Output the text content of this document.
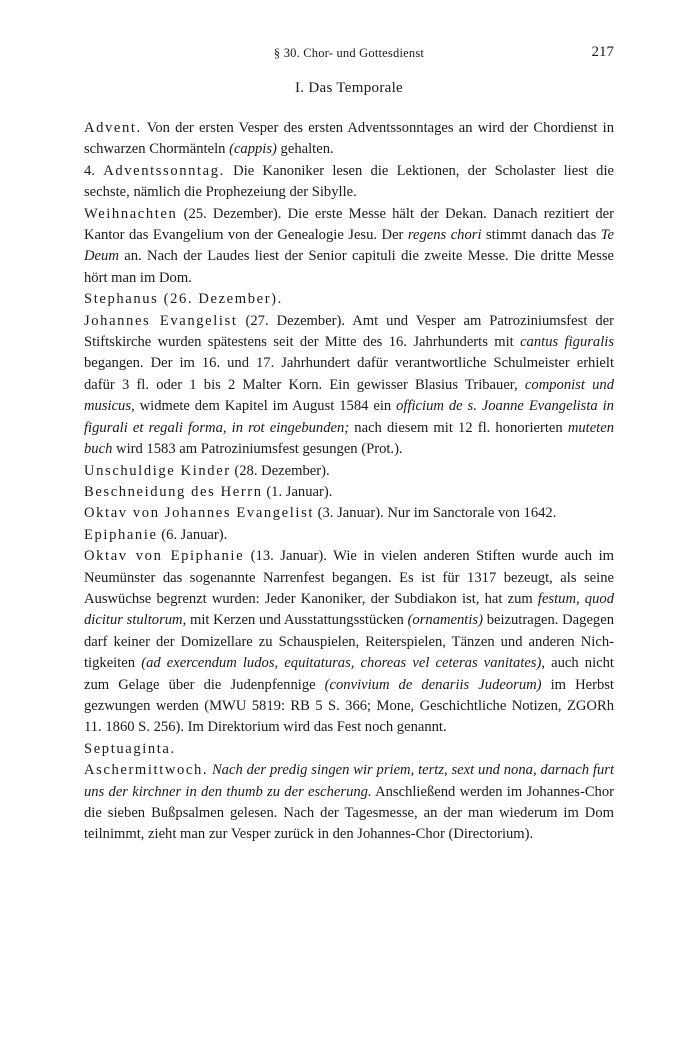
§ 30. Chor- und Gottesdienst	217
I. Das Temporale

Advent. Von der ersten Vesper des ersten Adventssonntages an wird der Chordienst in schwarzen Chormänteln (cappis) gehalten.

4. Adventssonntag. Die Kanoniker lesen die Lektionen, der Scholaster liest die sechste, nämlich die Prophezeiung der Sibylle.

Weihnachten (25. Dezember). Die erste Messe hält der Dekan. Danach rezitiert der Kantor das Evangelium von der Genealogie Jesu. Der regens chori stimmt danach das Te Deum an. Nach der Laudes liest der Senior capituli die zweite Messe. Die dritte Messe hört man im Dom.

Stephanus (26. Dezember).

Johannes Evangelist (27. Dezember). Amt und Vesper am Patroziniumsfest der Stiftskirche wurden spätestens seit der Mitte des 16. Jahrhunderts mit cantus figuralis begangen. Der im 16. und 17. Jahrhundert dafür verantwortliche Schulmeister erhielt dafür 3 fl. oder 1 bis 2 Malter Korn. Ein gewisser Blasius Tribauer, componist und musicus, widmete dem Kapitel im August 1584 ein officium de s. Joanne Evangelista in figurali et regali forma, in rot eingebunden; nach diesem mit 12 fl. honorierten muteten buch wird 1583 am Patroziniumsfest gesungen (Prot.).

Unschuldige Kinder (28. Dezember).

Beschneidung des Herrn (1. Januar).

Oktav von Johannes Evangelist (3. Januar). Nur im Sanctorale von 1642.

Epiphanie (6. Januar).

Oktav von Epiphanie (13. Januar). Wie in vielen anderen Stiften wurde auch im Neumünster das sogenannte Narrenfest begangen. Es ist für 1317 bezeugt, als seine Auswüchse begrenzt wurden: Jeder Kanoniker, der Subdiakon ist, hat zum festum, quod dicitur stultorum, mit Kerzen und Ausstattungsstücken (ornamentis) beizutragen. Dagegen darf keiner der Domizellare zu Schauspielen, Reiterspielen, Tänzen und anderen Nichtigkeiten (ad exercendum ludos, equitaturas, choreas vel ceteras vanitates), auch nicht zum Gelage über die Judenpfennige (convivium de denariis Judeorum) im Herbst gezwungen werden (MWU 5819: RB 5 S. 366; Mone, Geschichtliche Notizen, ZGORh 11. 1860 S. 256). Im Direktorium wird das Fest noch genannt.

Septuaginta.

Aschermittwoch. Nach der predig singen wir priem, tertz, sext und nona, darnach furt uns der kirchner in den thumb zu der escherung. Anschließend werden im Johannes-Chor die sieben Bußpsalmen gelesen. Nach der Tagesmesse, an der man wiederum im Dom teilnimmt, zieht man zur Vesper zurück in den Johannes-Chor (Directorium).
